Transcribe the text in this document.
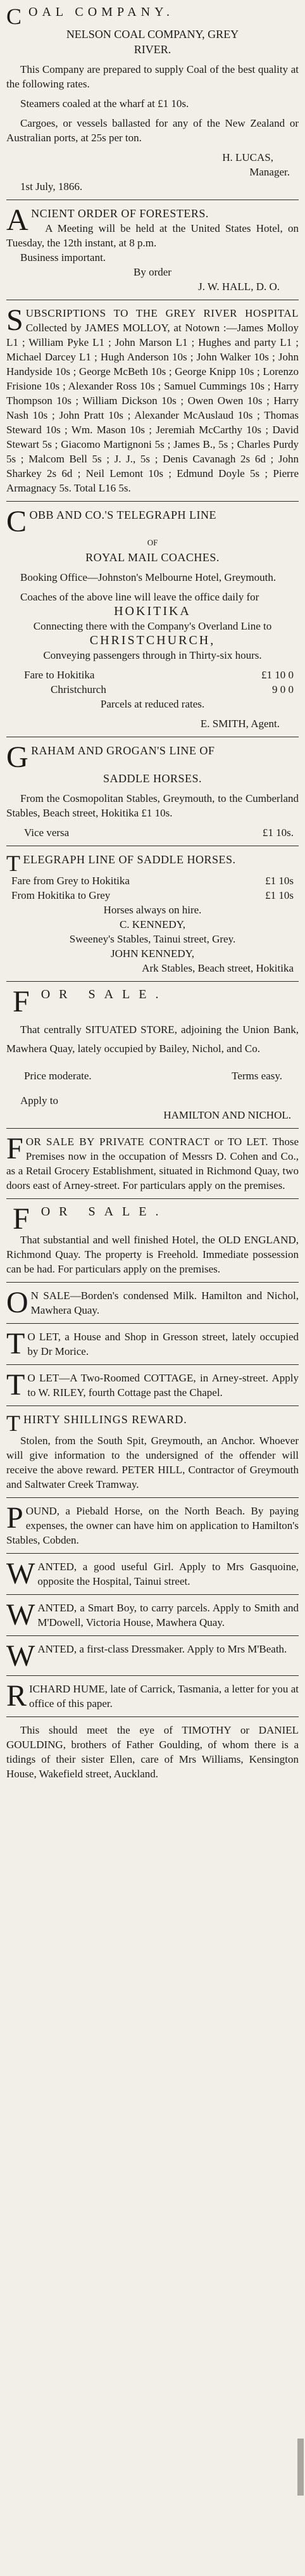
COAL COMPANY.

NELSON COAL COMPANY, GREY

RIVER.

This Company are prepared to supply Coal of the best quality at the following rates.

Steamers coaled at the wharf at £1 10s.

Cargoes, or vessels ballasted for any of the New Zealand or Australian ports, at 25s per ton.

H. LUCAS,

Manager.

1st July, 1866.

ANCIENT ORDER OF FORESTERS.

A Meeting will be held at the United States Hotel, on Tuesday, the 12th instant, at 8 p.m.

Business important.

By order

J. W. HALL, D. O.

SUBSCRIPTIONS TO THE GREY RIVER HOSPITAL Collected by JAMES MOLLOY, at Notown :—James Molloy L1 ; William Pyke L1 ; John Marson L1 ; Hughes and party L1 ; Michael Darcey L1 ; Hugh Anderson 10s ; John Walker 10s ; John Handyside 10s ; George McBeth 10s ; George Knipp 10s ; Lorenzo Frisione 10s ; Alexander Ross 10s ; Samuel Cummings 10s ; Harry Thompson 10s ; William Dickson 10s ; Owen Owen 10s ; Harry Nash 10s ; John Pratt 10s ; Alexander McAuslaud 10s ; Thomas Steward 10s ; Wm. Mason 10s ; Jeremiah McCarthy 10s ; David Stewart 5s ; Giacomo Martignoni 5s ; James B., 5s ; Charles Purdy 5s ; Malcom Bell 5s ; J. J., 5s ; Denis Cavanagh 2s 6d ; John Sharkey 2s 6d ; Neil Lemont 10s ; Edmund Doyle 5s ; Pierre Armagnacy 5s. Total L16 5s.

COBB AND CO.'S TELEGRAPH LINE

OF

ROYAL MAIL COACHES.

Booking Office—Johnston's Melbourne Hotel, Greymouth.

Coaches of the above line will leave the office daily for

HOKITIKA

Connecting there with the Company's Overland Line to

CHRISTCHURCH,

Conveying passengers through in Thirty-six hours.

Fare to Hokitika	£1 10 0
Christchurch	9 0 0

Parcels at reduced rates.

E. SMITH, Agent.

GRAHAM AND GROGAN'S LINE OF

SADDLE HORSES.

From the Cosmopolitan Stables, Greymouth, to the Cumberland Stables, Beach street, Hokitika £1 10s.

Vice versa	£1 10s.

TELEGRAPH LINE OF SADDLE HORSES.

Fare from Grey to Hokitika	£1 10s
From Hokitika to Grey	£1 10s

Horses always on hire.

C. KENNEDY,

Sweeney's Stables, Tainui street, Grey.

JOHN KENNEDY,

Ark Stables, Beach street, Hokitika

FOR SALE.

That centrally SITUATED STORE, adjoining the Union Bank, Mawhera Quay, lately occupied by Bailey, Nichol, and Co.

Price moderate.	Terms easy.

Apply to

HAMILTON AND NICHOL.

FOR SALE BY PRIVATE CONTRACT or TO LET. Those Premises now in the occupation of Messrs D. Cohen and Co., as a Retail Grocery Establishment, situated in Richmond Quay, two doors east of Arney-street. For particulars apply on the premises.

FOR SALE.

That substantial and well finished Hotel, the OLD ENGLAND, Richmond Quay. The property is Freehold. Immediate possession can be had. For particulars apply on the premises.

O N SALE—Borden's condensed Milk. Hamilton and Nichol, Mawhera Quay.

T O LET, a House and Shop in Gresson street, lately occupied by Dr Morice.

T O LET—A Two-Roomed COTTAGE, in Arney-street. Apply to W. RILEY, fourth Cottage past the Chapel.

THIRTY SHILLINGS REWARD.

Stolen, from the South Spit, Greymouth, an Anchor. Whoever will give information to the undersigned of the offender will receive the above reward. PETER HILL, Contractor of Greymouth and Saltwater Creek Tramway.

POUND, a Piebald Horse, on the North Beach. By paying expenses, the owner can have him on application to Hamilton's Stables, Cobden.

WANTED, a good useful Girl. Apply to Mrs Gasquoine, opposite the Hospital, Tainui street.

WANTED, a Smart Boy, to carry parcels. Apply to Smith and M'Dowell, Victoria House, Mawhera Quay.

WANTED, a first-class Dressmaker. Apply to Mrs M'Beath.

RICHARD HUME, late of Carrick, Tasmania, a letter for you at office of this paper.

This should meet the eye of TIMOTHY or DANIEL GOULDING, brothers of Father Goulding, of whom there is a tidings of their sister Ellen, care of Mrs Williams, Kensington House, Wakefield street, Auckland.
